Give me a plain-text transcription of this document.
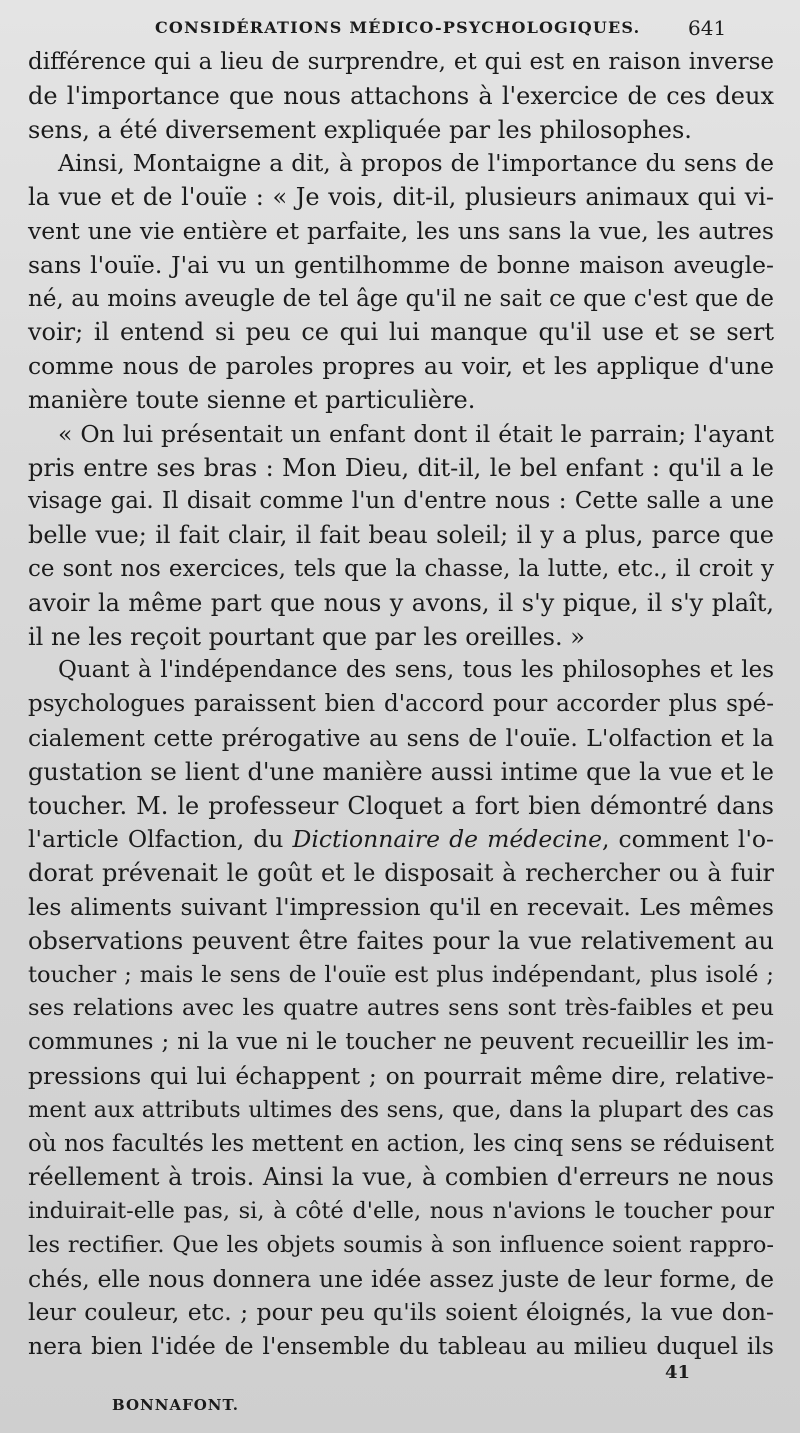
CONSIDÉRATIONS MÉDICO-PSYCHOLOGIQUES. 641
différence qui a lieu de surprendre, et qui est en raison inverse
de l'importance que nous attachons à l'exercice de ces deux
sens, a été diversement expliquée par les philosophes.
Ainsi, Montaigne a dit, à propos de l'importance du sens de
la vue et de l'ouïe : « Je vois, dit-il, plusieurs animaux qui vi-
vent une vie entière et parfaite, les uns sans la vue, les autres
sans l'ouïe. J'ai vu un gentilhomme de bonne maison aveugle-
né, au moins aveugle de tel âge qu'il ne sait ce que c'est que de
voir; il entend si peu ce qui lui manque qu'il use et se sert
comme nous de paroles propres au voir, et les applique d'une
manière toute sienne et particulière.
« On lui présentait un enfant dont il était le parrain; l'ayant
pris entre ses bras : Mon Dieu, dit-il, le bel enfant : qu'il a le
visage gai. Il disait comme l'un d'entre nous : Cette salle a une
belle vue; il fait clair, il fait beau soleil; il y a plus, parce que
ce sont nos exercices, tels que la chasse, la lutte, etc., il croit y
avoir la même part que nous y avons, il s'y pique, il s'y plaît,
il ne les reçoit pourtant que par les oreilles. »
Quant à l'indépendance des sens, tous les philosophes et les
psychologues paraissent bien d'accord pour accorder plus spé-
cialement cette prérogative au sens de l'ouïe. L'olfaction et la
gustation se lient d'une manière aussi intime que la vue et le
toucher. M. le professeur Cloquet a fort bien démontré dans
l'article Olfaction, du Dictionnaire de médecine, comment l'o-
dorat prévenait le goût et le disposait à rechercher ou à fuir
les aliments suivant l'impression qu'il en recevait. Les mêmes
observations peuvent être faites pour la vue relativement au
toucher ; mais le sens de l'ouïe est plus indépendant, plus isolé ;
ses relations avec les quatre autres sens sont très-faibles et peu
communes ; ni la vue ni le toucher ne peuvent recueillir les im-
pressions qui lui échappent ; on pourrait même dire, relative-
ment aux attributs ultimes des sens, que, dans la plupart des cas
où nos facultés les mettent en action, les cinq sens se réduisent
réellement à trois. Ainsi la vue, à combien d'erreurs ne nous
induirait-elle pas, si, à côté d'elle, nous n'avions le toucher pour
les rectifier. Que les objets soumis à son influence soient rappro-
chés, elle nous donnera une idée assez juste de leur forme, de
leur couleur, etc. ; pour peu qu'ils soient éloignés, la vue don-
nera bien l'idée de l'ensemble du tableau au milieu duquel ils
41
BONNAFONT.
